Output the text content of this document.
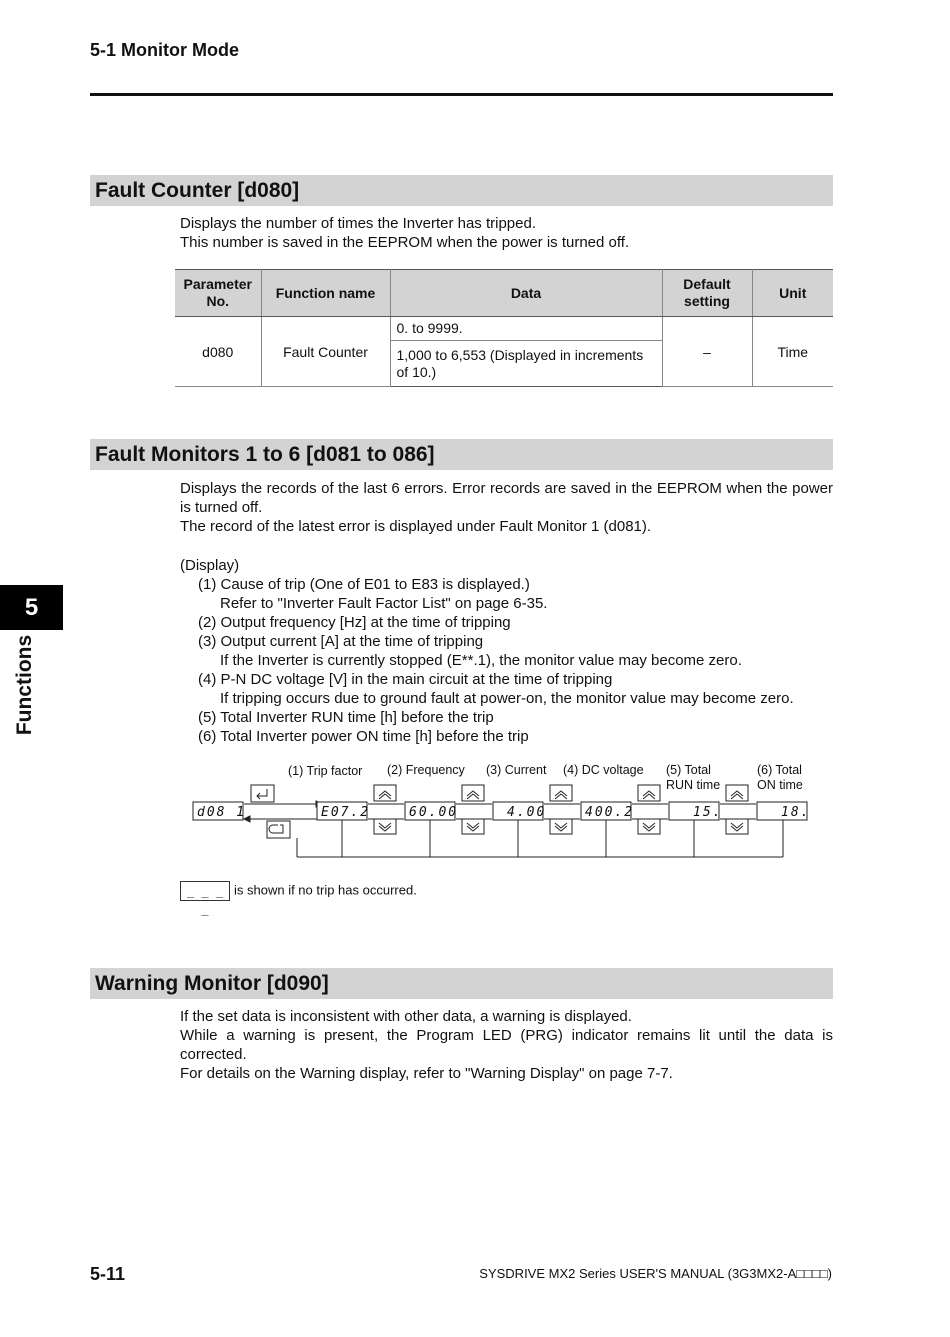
5-1 Monitor Mode
Fault Counter [d080]

Displays the number of times the Inverter has tripped.

This number is saved in the EEPROM when the power is turned off.

Parameter No.	Function name	Data	Default setting	Unit
d080	Fault Counter	0. to 9999.	–	Time
		1,000 to 6,553 (Displayed in increments of 10.)		
Fault Monitors 1 to 6 [d081 to 086]

Displays the records of the last 6 errors. Error records are saved in the EEPROM when the power is turned off.

The record of the latest error is displayed under Fault Monitor 1 (d081).

(Display)
(1) Cause of trip (One of E01 to E83 is displayed.)
Refer to "Inverter Fault Factor List" on page 6-35.
(2) Output frequency [Hz] at the time of tripping
(3) Output current [A] at the time of tripping
If the Inverter is currently stopped (E**.1), the monitor value may become zero.
(4) P-N DC voltage [V] in the main circuit at the time of tripping
If tripping occurs due to ground fault at power-on, the monitor value may become zero.
(5) Total Inverter RUN time [h] before the trip
(6) Total Inverter power ON time [h] before the trip
5
Functions
(1) Trip factor (2) Frequency (3) Current (4) DC voltage (5) Total
RUN time
(6) Total
ON time
d08 1	E07.2	60.00	4.00	400.2	15.	18.
_ _ _ _is shown if no trip has occurred.
Warning Monitor [d090]

If the set data is inconsistent with other data, a warning is displayed.

While a warning is present, the Program LED (PRG) indicator remains lit until the data is corrected.

For details on the Warning display, refer to "Warning Display" on page 7-7.

5-11	SYSDRIVE MX2 Series USER'S MANUAL (3G3MX2-A□□□□)
